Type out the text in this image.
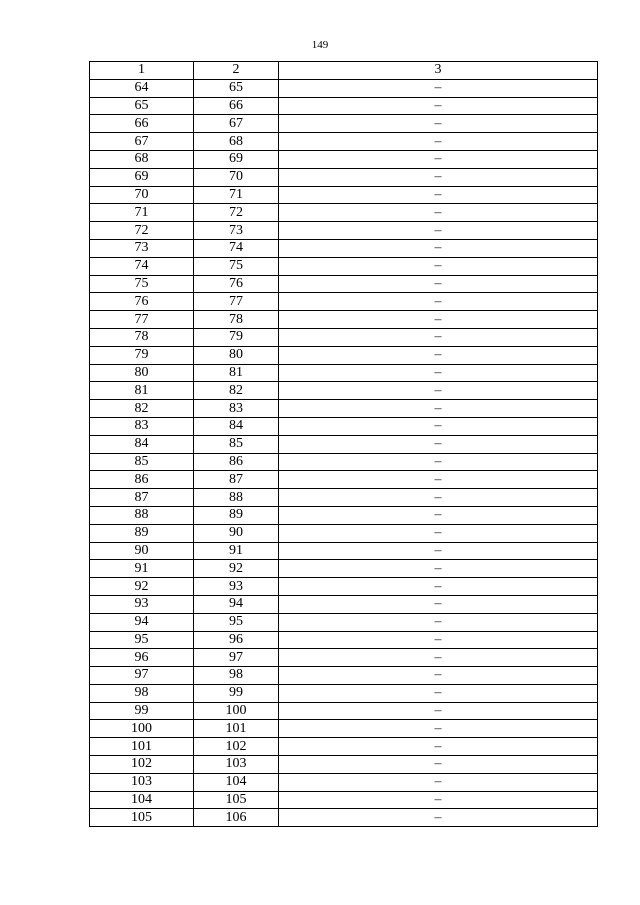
149
1	2	3
64	65	–
65	66	–
66	67	–
67	68	–
68	69	–
69	70	–
70	71	–
71	72	–
72	73	–
73	74	–
74	75	–
75	76	–
76	77	–
77	78	–
78	79	–
79	80	–
80	81	–
81	82	–
82	83	–
83	84	–
84	85	–
85	86	–
86	87	–
87	88	–
88	89	–
89	90	–
90	91	–
91	92	–
92	93	–
93	94	–
94	95	–
95	96	–
96	97	–
97	98	–
98	99	–
99	100	–
100	101	–
101	102	–
102	103	–
103	104	–
104	105	–
105	106	–
